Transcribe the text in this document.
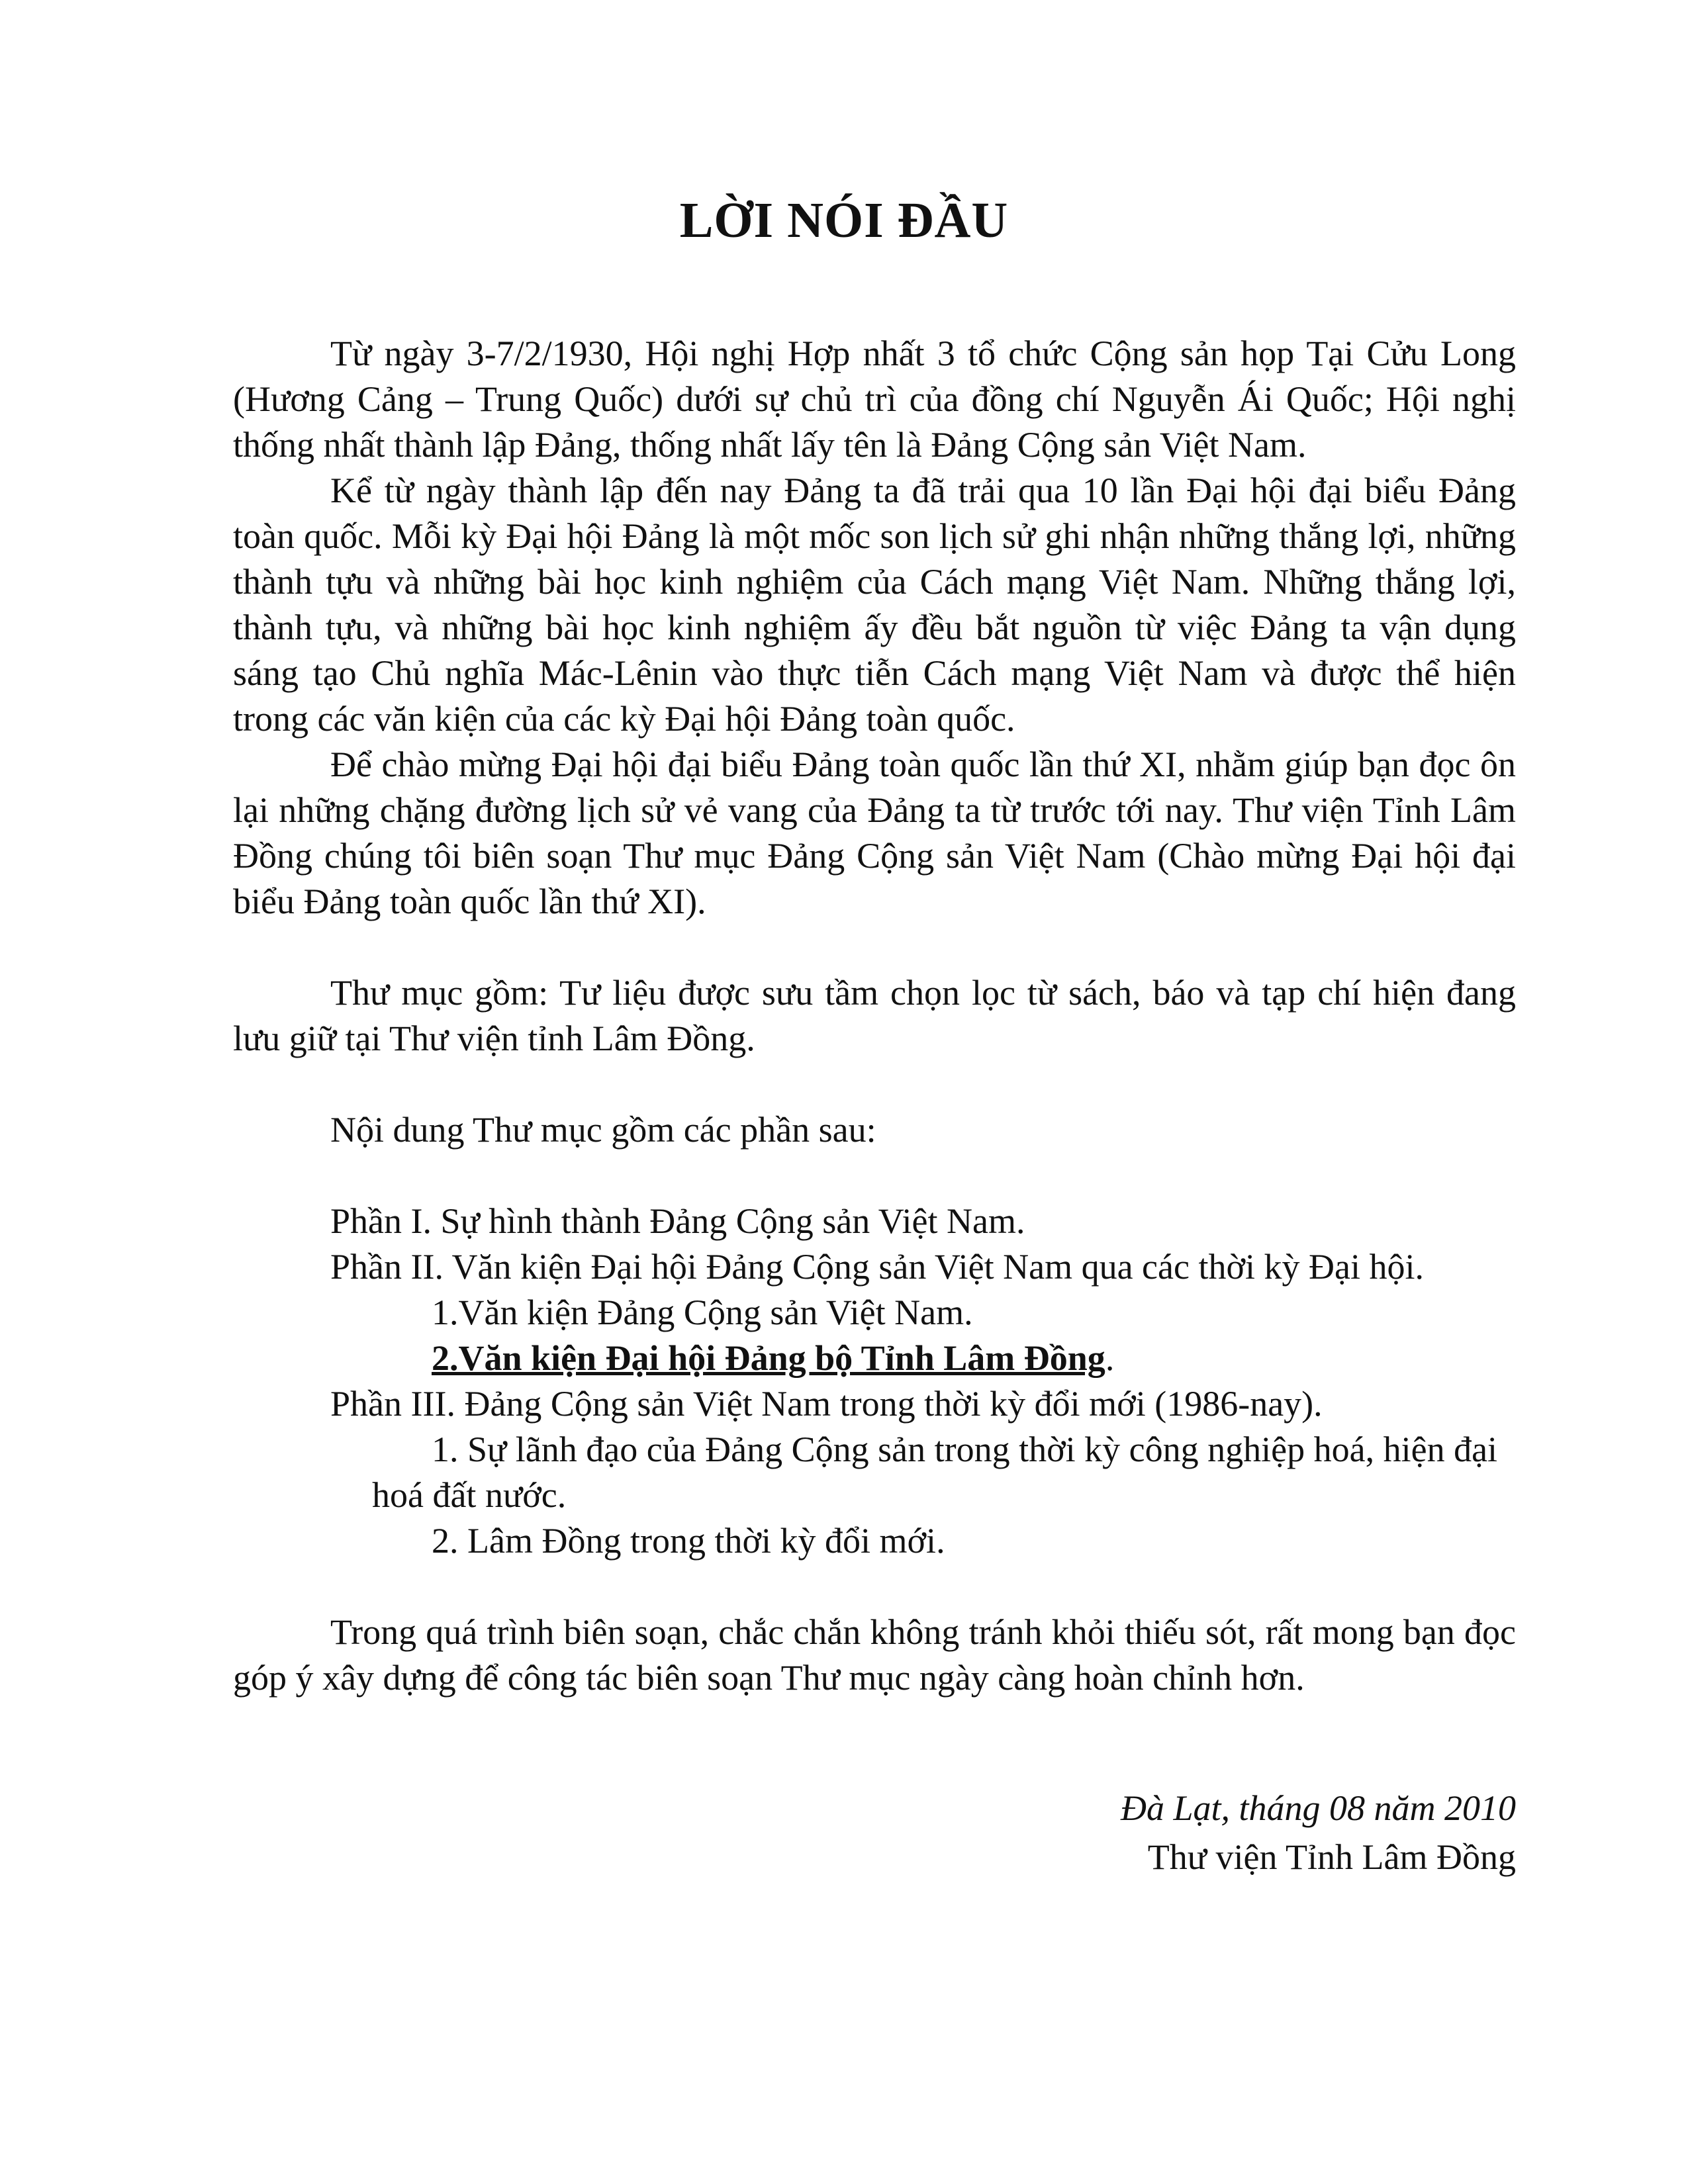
LỜI NÓI ĐẦU

Từ ngày 3-7/2/1930, Hội nghị Hợp nhất 3 tổ chức Cộng sản họp Tại Cửu Long (Hương Cảng – Trung Quốc) dưới sự chủ trì của đồng chí Nguyễn Ái Quốc; Hội nghị thống nhất thành lập Đảng, thống nhất lấy tên là Đảng Cộng sản Việt Nam.

Kể từ ngày thành lập đến nay Đảng ta đã trải qua 10 lần Đại hội đại biểu Đảng toàn quốc. Mỗi kỳ Đại hội Đảng là một mốc son lịch sử ghi nhận những thắng lợi, những thành tựu và những bài học kinh nghiệm của Cách mạng Việt Nam. Những thắng lợi, thành tựu, và những bài học kinh nghiệm ấy đều bắt nguồn từ việc Đảng ta vận dụng sáng tạo Chủ nghĩa Mác-Lênin vào thực tiễn Cách mạng Việt Nam và được thể hiện trong các văn kiện của các kỳ Đại hội Đảng toàn quốc.

Để chào mừng Đại hội đại biểu Đảng toàn quốc lần thứ XI, nhằm giúp bạn đọc ôn lại những chặng đường lịch sử vẻ vang của Đảng ta từ trước tới nay. Thư viện Tỉnh Lâm Đồng chúng tôi biên soạn Thư mục Đảng Cộng sản Việt Nam (Chào mừng Đại hội đại biểu Đảng toàn quốc lần thứ XI).

Thư mục gồm: Tư liệu được sưu tầm chọn lọc từ sách, báo và tạp chí hiện đang lưu giữ tại Thư viện tỉnh Lâm Đồng.

Nội dung Thư mục gồm các phần sau:

Phần I. Sự hình thành Đảng Cộng sản Việt Nam.

Phần II. Văn kiện Đại hội Đảng Cộng sản Việt Nam qua các thời kỳ Đại hội.

1.Văn kiện Đảng Cộng sản Việt Nam.

2.Văn kiện Đại hội Đảng bộ Tỉnh Lâm Đồng.

Phần III. Đảng Cộng sản Việt Nam trong thời kỳ đổi mới (1986-nay).

1. Sự lãnh đạo của Đảng Cộng sản trong thời kỳ công nghiệp hoá, hiện đại hoá đất nước.

2. Lâm Đồng trong thời kỳ đổi mới.

Trong quá trình biên soạn, chắc chắn không tránh khỏi thiếu sót, rất mong bạn đọc góp ý xây dựng để công tác biên soạn Thư mục ngày càng hoàn chỉnh hơn.

Đà Lạt, tháng 08 năm 2010
Thư viện Tỉnh Lâm Đồng
